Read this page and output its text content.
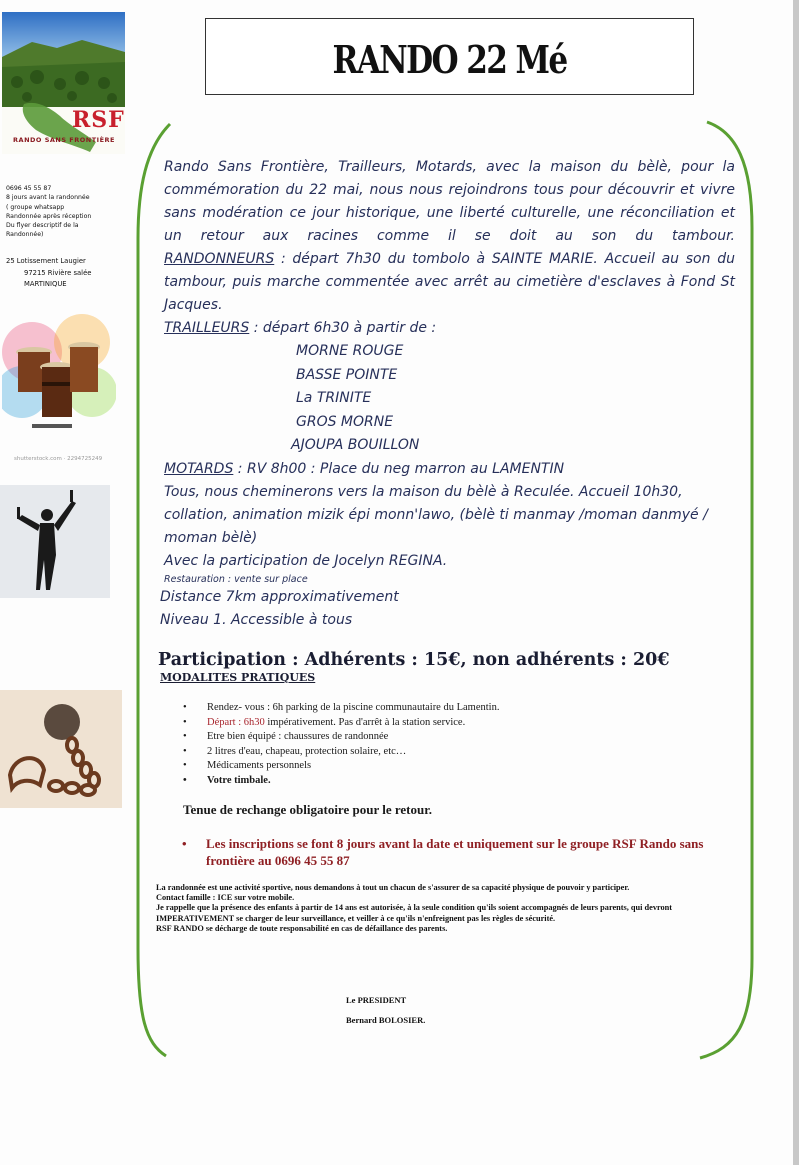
RSF
RANDO SANS FRONTIÈRE
0696 45 55 87
8 jours avant la randonnée
( groupe whatsapp
Randonnée après réception
Du flyer descriptif de la
Randonnée)
25 Lotissement Laugier
97215 Rivière salée
MARTINIQUE
shutterstock.com · 2294725249
RANDO 22 Mé
Rando Sans Frontière, Trailleurs, Motards, avec la maison du bèlè, pour la commémoration du 22 mai, nous nous rejoindrons tous pour découvrir et vivre sans modération ce jour historique, une liberté culturelle, une réconciliation et un retour aux racines comme il se doit au son du tambour.
RANDONNEURS : départ 7h30 du tombolo à SAINTE MARIE. Accueil au son du tambour, puis marche commentée avec arrêt au cimetière d'esclaves à Fond St Jacques.
TRAILLEURS : départ 6h30 à partir de :
MORNE ROUGE
BASSE POINTE
La TRINITE
GROS MORNE
AJOUPA BOUILLON
MOTARDS : RV 8h00 : Place du neg marron au LAMENTIN
Tous, nous cheminerons vers la maison du bèlè à Reculée. Accueil 10h30, collation, animation mizik épi monn'lawo, (bèlè ti manmay /moman danmyé / moman bèlè)
Avec la participation de Jocelyn REGINA.
Restauration : vente sur place
Distance 7km approximativement
Niveau 1. Accessible à tous
Participation : Adhérents : 15€, non adhérents : 20€
MODALITES PRATIQUES
• Rendez- vous : 6h parking de la piscine communautaire du Lamentin.
• Départ : 6h30 impérativement. Pas d'arrêt à la station service.
• Etre bien équipé : chaussures de randonnée
• 2 litres d'eau, chapeau, protection solaire, etc…
• Médicaments personnels
• Votre timbale.
Tenue de rechange obligatoire pour le retour.
•	Les inscriptions se font 8 jours avant la date et uniquement sur le groupe RSF Rando sans frontière au 0696 45 55 87
La randonnée est une activité sportive, nous demandons à tout un chacun de s'assurer de sa capacité physique de pouvoir y participer.
Contact famille : ICE sur votre mobile.
Je rappelle que la présence des enfants à partir de 14 ans est autorisée, à la seule condition qu'ils soient accompagnés de leurs parents, qui devront IMPERATIVEMENT se charger de leur surveillance, et veiller à ce qu'ils n'enfreignent pas les règles de sécurité.
RSF RANDO se décharge de toute responsabilité en cas de défaillance des parents.
Le PRESIDENT
Bernard BOLOSIER.
